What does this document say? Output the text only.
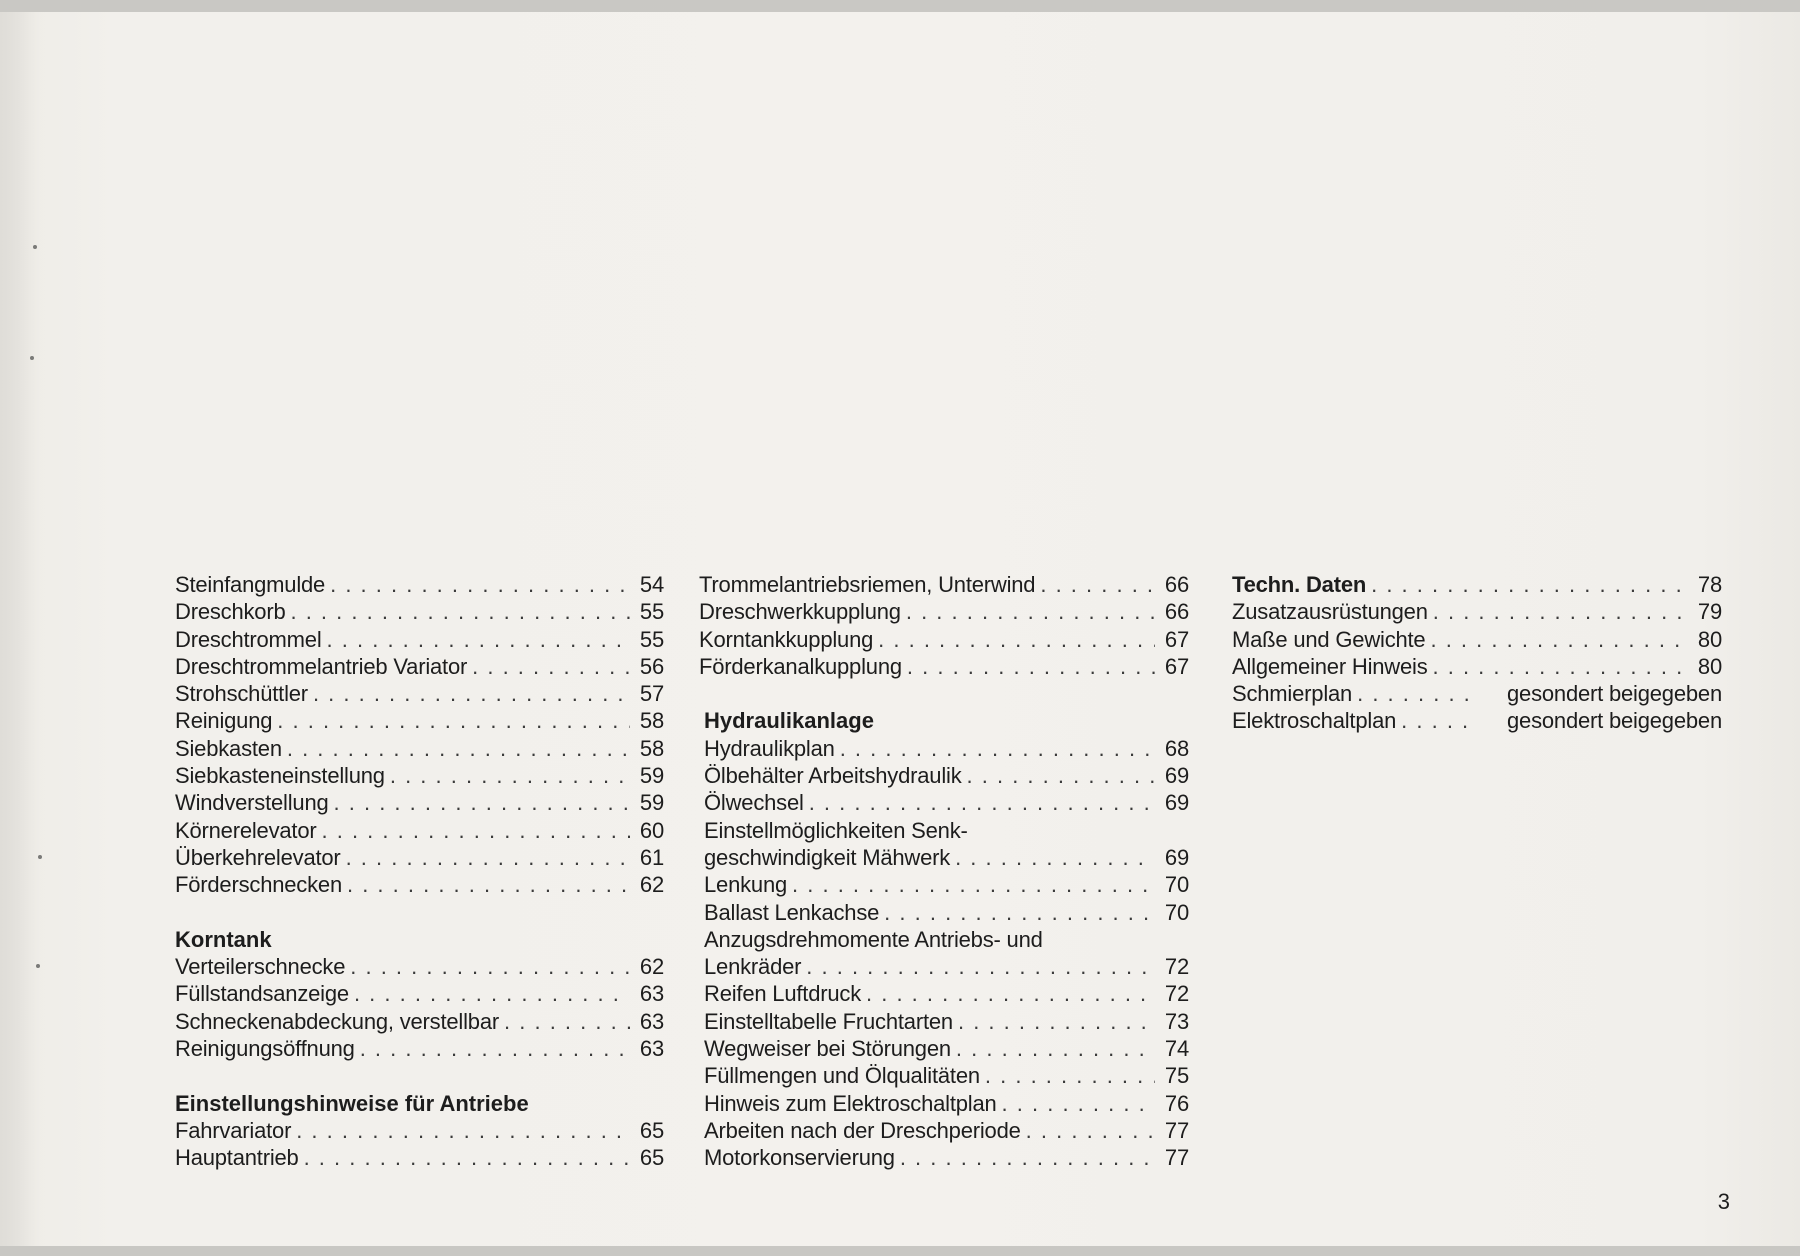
Steinfangmulde . . .	54
Dreschkorb . . .	55
Dreschtrommel . . .	55
Dreschtrommelantrieb Variator . . .	56
Strohschüttler . . .	57
Reinigung . . .	58
Siebkasten . . .	58
Siebkasteneinstellung . . .	59
Windverstellung . . .	59
Körnerelevator . . .	60
Überkehrelevator . . .	61
Förderschnecken . . .	62
Korntank
Verteilerschnecke . . .	62
Füllstandsanzeige . . .	63
Schneckenabdeckung, verstellbar . . .	63
Reinigungsöffnung . . .	63
Einstellungshinweise für Antriebe
Fahrvariator . . .	65
Hauptantrieb . . .	65
Trommelantriebsriemen, Unterwind . . .	66
Dreschwerkkupplung . . .	66
Korntankkupplung . . .	67
Förderkanalkupplung . . .	67
Hydraulikanlage
Hydraulikplan . . .	68
Ölbehälter Arbeitshydraulik . . .	69
Ölwechsel . . .	69
Einstellmöglichkeiten Senk-
geschwindigkeit Mähwerk . . .	69
Lenkung . . .	70
Ballast Lenkachse . . .	70
Anzugsdrehmomente Antriebs- und
Lenkräder . . .	72
Reifen Luftdruck . . .	72
Einstelltabelle Fruchtarten . . .	73
Wegweiser bei Störungen . . .	74
Füllmengen und Ölqualitäten . . .	75
Hinweis zum Elektroschaltplan . . .	76
Arbeiten nach der Dreschperiode . . .	77
Motorkonservierung . . .	77
Techn. Daten . . .	78
Zusatzausrüstungen . . .	79
Maße und Gewichte . . .	80
Allgemeiner Hinweis . . .	80
Schmierplan . . .	gesondert beigegeben
Elektroschaltplan . . .	gesondert beigegeben
3
